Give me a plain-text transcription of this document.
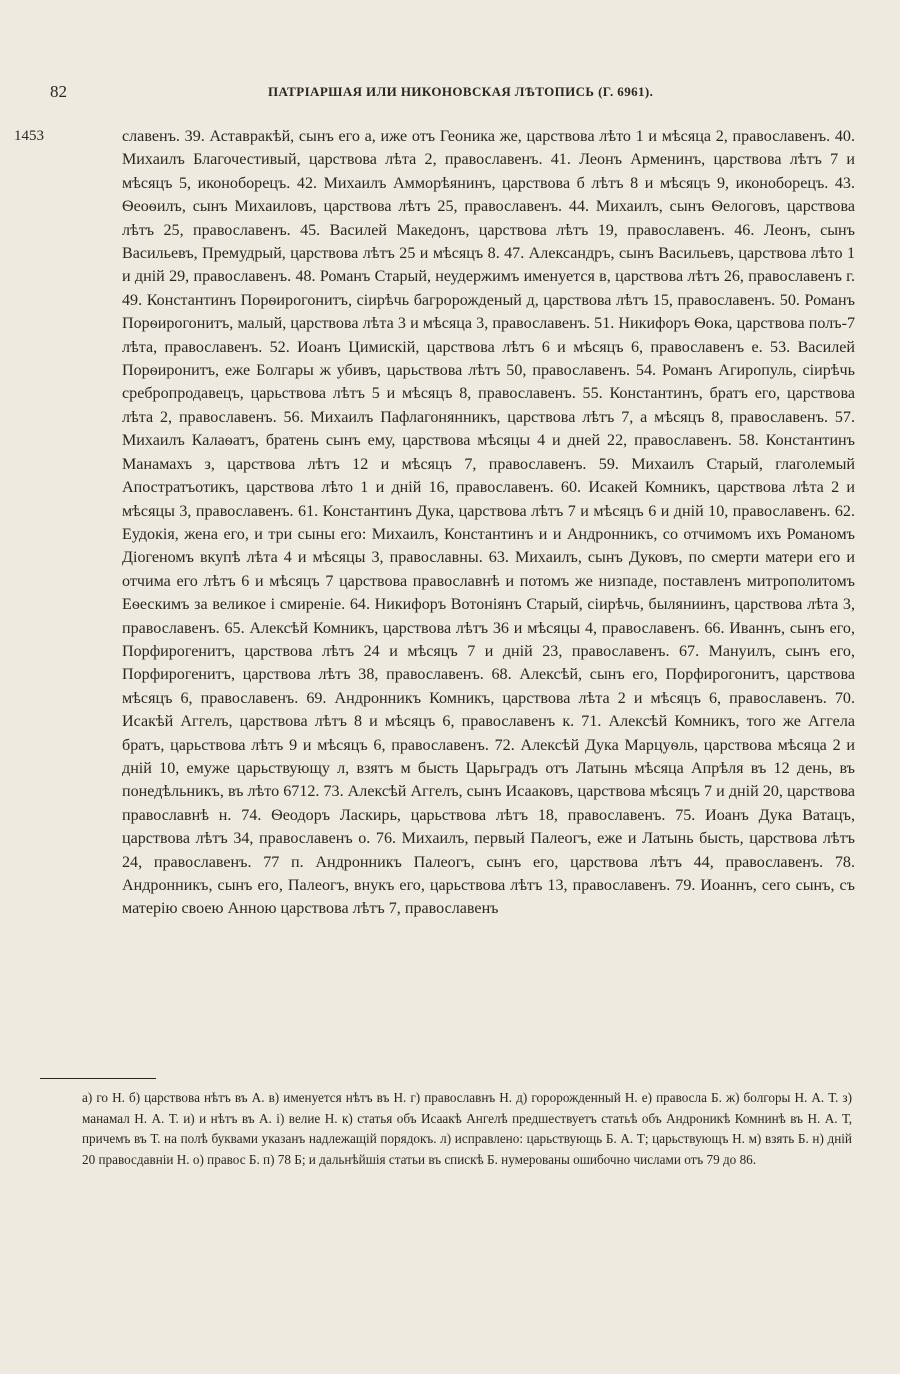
82	ПАТРІАРШАЯ ИЛИ НИКОНОВСКАЯ ЛѢТОПИСЬ (Г. 6961).
1453	славенъ. 39. Аставракѣй, сынъ его а, иже отъ Геоника же, царствова лѣто 1 и мѣсяца 2, православенъ. 40. Михаилъ Благочестивый, царствова лѣта 2, православенъ. 41. Леонъ Арменинъ, царствова лѣтъ 7 и мѣсяцъ 5, иконоборецъ. 42. Михаилъ Амморѣянинъ, царствова б лѣтъ 8 и мѣсяцъ 9, иконоборецъ. 43. Ѳеоѳилъ, сынъ Михаиловъ, царствова лѣтъ 25, православенъ. 44. Михаилъ, сынъ Ѳелоговъ, царствова лѣтъ 25, православенъ. 45. Василей Македонъ, царствова лѣтъ 19, православенъ. 46. Леонъ, сынъ Васильевъ, Премудрый, царствова лѣтъ 25 и мѣсяцъ 8. 47. Александръ, сынъ Васильевъ, царствова лѣто 1 и днiй 29, православенъ. 48. Романъ Старый, неудержимъ именуется в, царствова лѣтъ 26, православенъ г. 49. Константинъ Порѳирогонитъ, сiирѣчь багророжденый д, царствова лѣтъ 15, православенъ. 50. Романъ Порѳирогонитъ, малый, царствова лѣта 3 и мѣсяца 3, православенъ. 51. Никифоръ Ѳока, царствова полъ-7 лѣта, православенъ. 52. Иоанъ Цимискiй, царствова лѣтъ 6 и мѣсяцъ 6, православенъ е. 53. Василей Порѳиронитъ, еже Болгары ж убивъ, царьствова лѣтъ 50, православенъ. 54. Романъ Агиропуль, сiирѣчь сребропродавецъ, царьствова лѣтъ 5 и мѣсяцъ 8, православенъ. 55. Константинъ, братъ его, царствова лѣта 2, православенъ. 56. Михаилъ Пафлагонянникъ, царствова лѣтъ 7, а мѣсяцъ 8, православенъ. 57. Михаилъ Калаѳатъ, братень сынъ ему, царствова мѣсяцы 4 и дней 22, православенъ. 58. Константинъ Манамахъ з, царствова лѣтъ 12 и мѣсяцъ 7, православенъ. 59. Михаилъ Старый, глаголемый Апостратъотикъ, царствова лѣто 1 и днiй 16, православенъ. 60. Исакей Комникъ, царствова лѣта 2 и мѣсяцы 3, православенъ. 61. Константинъ Дука, царствова лѣтъ 7 и мѣсяцъ 6 и днiй 10, православенъ. 62. Еудокiя, жена его, и три сыны его: Михаилъ, Константинъ и и Андронникъ, со отчимомъ ихъ Романомъ Дiогеномъ вкупѣ лѣта 4 и мѣсяцы 3, православны. 63. Михаилъ, сынъ Дуковъ, по смерти матери его и отчима его лѣтъ 6 и мѣсяцъ 7 царствова православнѣ и потомъ же низпаде, поставленъ митрополитомъ Еѳескимъ за великое i смиренiе. 64. Никифоръ Вотонiянъ Старый, сiирѣчь, быляниинъ, царствова лѣта 3, православенъ. 65. Алексѣй Комникъ, царствова лѣтъ 36 и мѣсяцы 4, православенъ. 66. Иваннъ, сынъ его, Порфирогенитъ, царствова лѣтъ 24 и мѣсяцъ 7 и днiй 23, православенъ. 67. Мануилъ, сынъ его, Порфирогенитъ, царствова лѣтъ 38, православенъ. 68. Алексѣй, сынъ его, Порфирогонитъ, царствова мѣсяцъ 6, православенъ. 69. Андронникъ Комникъ, царствова лѣта 2 и мѣсяцъ 6, православенъ. 70. Исакѣй Аггелъ, царствова лѣтъ 8 и мѣсяцъ 6, православенъ к. 71. Алексѣй Комникъ, того же Аггела братъ, царьствова лѣтъ 9 и мѣсяцъ 6, православенъ. 72. Алексѣй Дука Марцуѳль, царствова мѣсяца 2 и днiй 10, емуже царьствующу л, взятъ м бысть Царьградъ отъ Латынь мѣсяца Апрѣля въ 12 день, въ понедѣльникъ, въ лѣто 6712. 73. Алексѣй Аггелъ, сынъ Исааковъ, царствова мѣсяцъ 7 и днiй 20, царствова православнѣ н. 74. Ѳеодоръ Ласкирь, царьствова лѣтъ 18, православенъ. 75. Иоанъ Дука Ватацъ, царствова лѣтъ 34, православенъ о. 76. Михаилъ, первый Палеогъ, еже и Латынь бысть, царствова лѣтъ 24, православенъ. 77 п. Андронникъ Палеогъ, сынъ его, царствова лѣтъ 44, православенъ. 78. Андронникъ, сынъ его, Палеогъ, внукъ его, царьствова лѣтъ 13, православенъ. 79. Иоаннъ, сего сынъ, съ матерiю своею Анною царствова лѣтъ 7, православенъ

а) го Н. б) царствова нѣтъ въ А. в) именуется нѣтъ въ Н. г) православнъ Н. д) горорожденный Н. е) правосла Б. ж) болгоры Н. А. Т. з) манамал Н. А. Т. и) и нѣтъ въ А. i) велие Н. к) статья объ Исаакѣ Ангелѣ предшествуетъ статьѣ объ Андроникѣ Комнинѣ въ Н. А. Т, причемъ въ Т. на полѣ буквами указанъ надлежащiй порядокъ. л) исправлено: царьствующь Б. А. Т; царьствующъ Н. м) взять Б. н) днiй 20 правосдавнiи Н. о) правос Б. п) 78 Б; и дальнѣйшiя статьи въ спискѣ Б. нумерованы ошибочно числами отъ 79 до 86.
